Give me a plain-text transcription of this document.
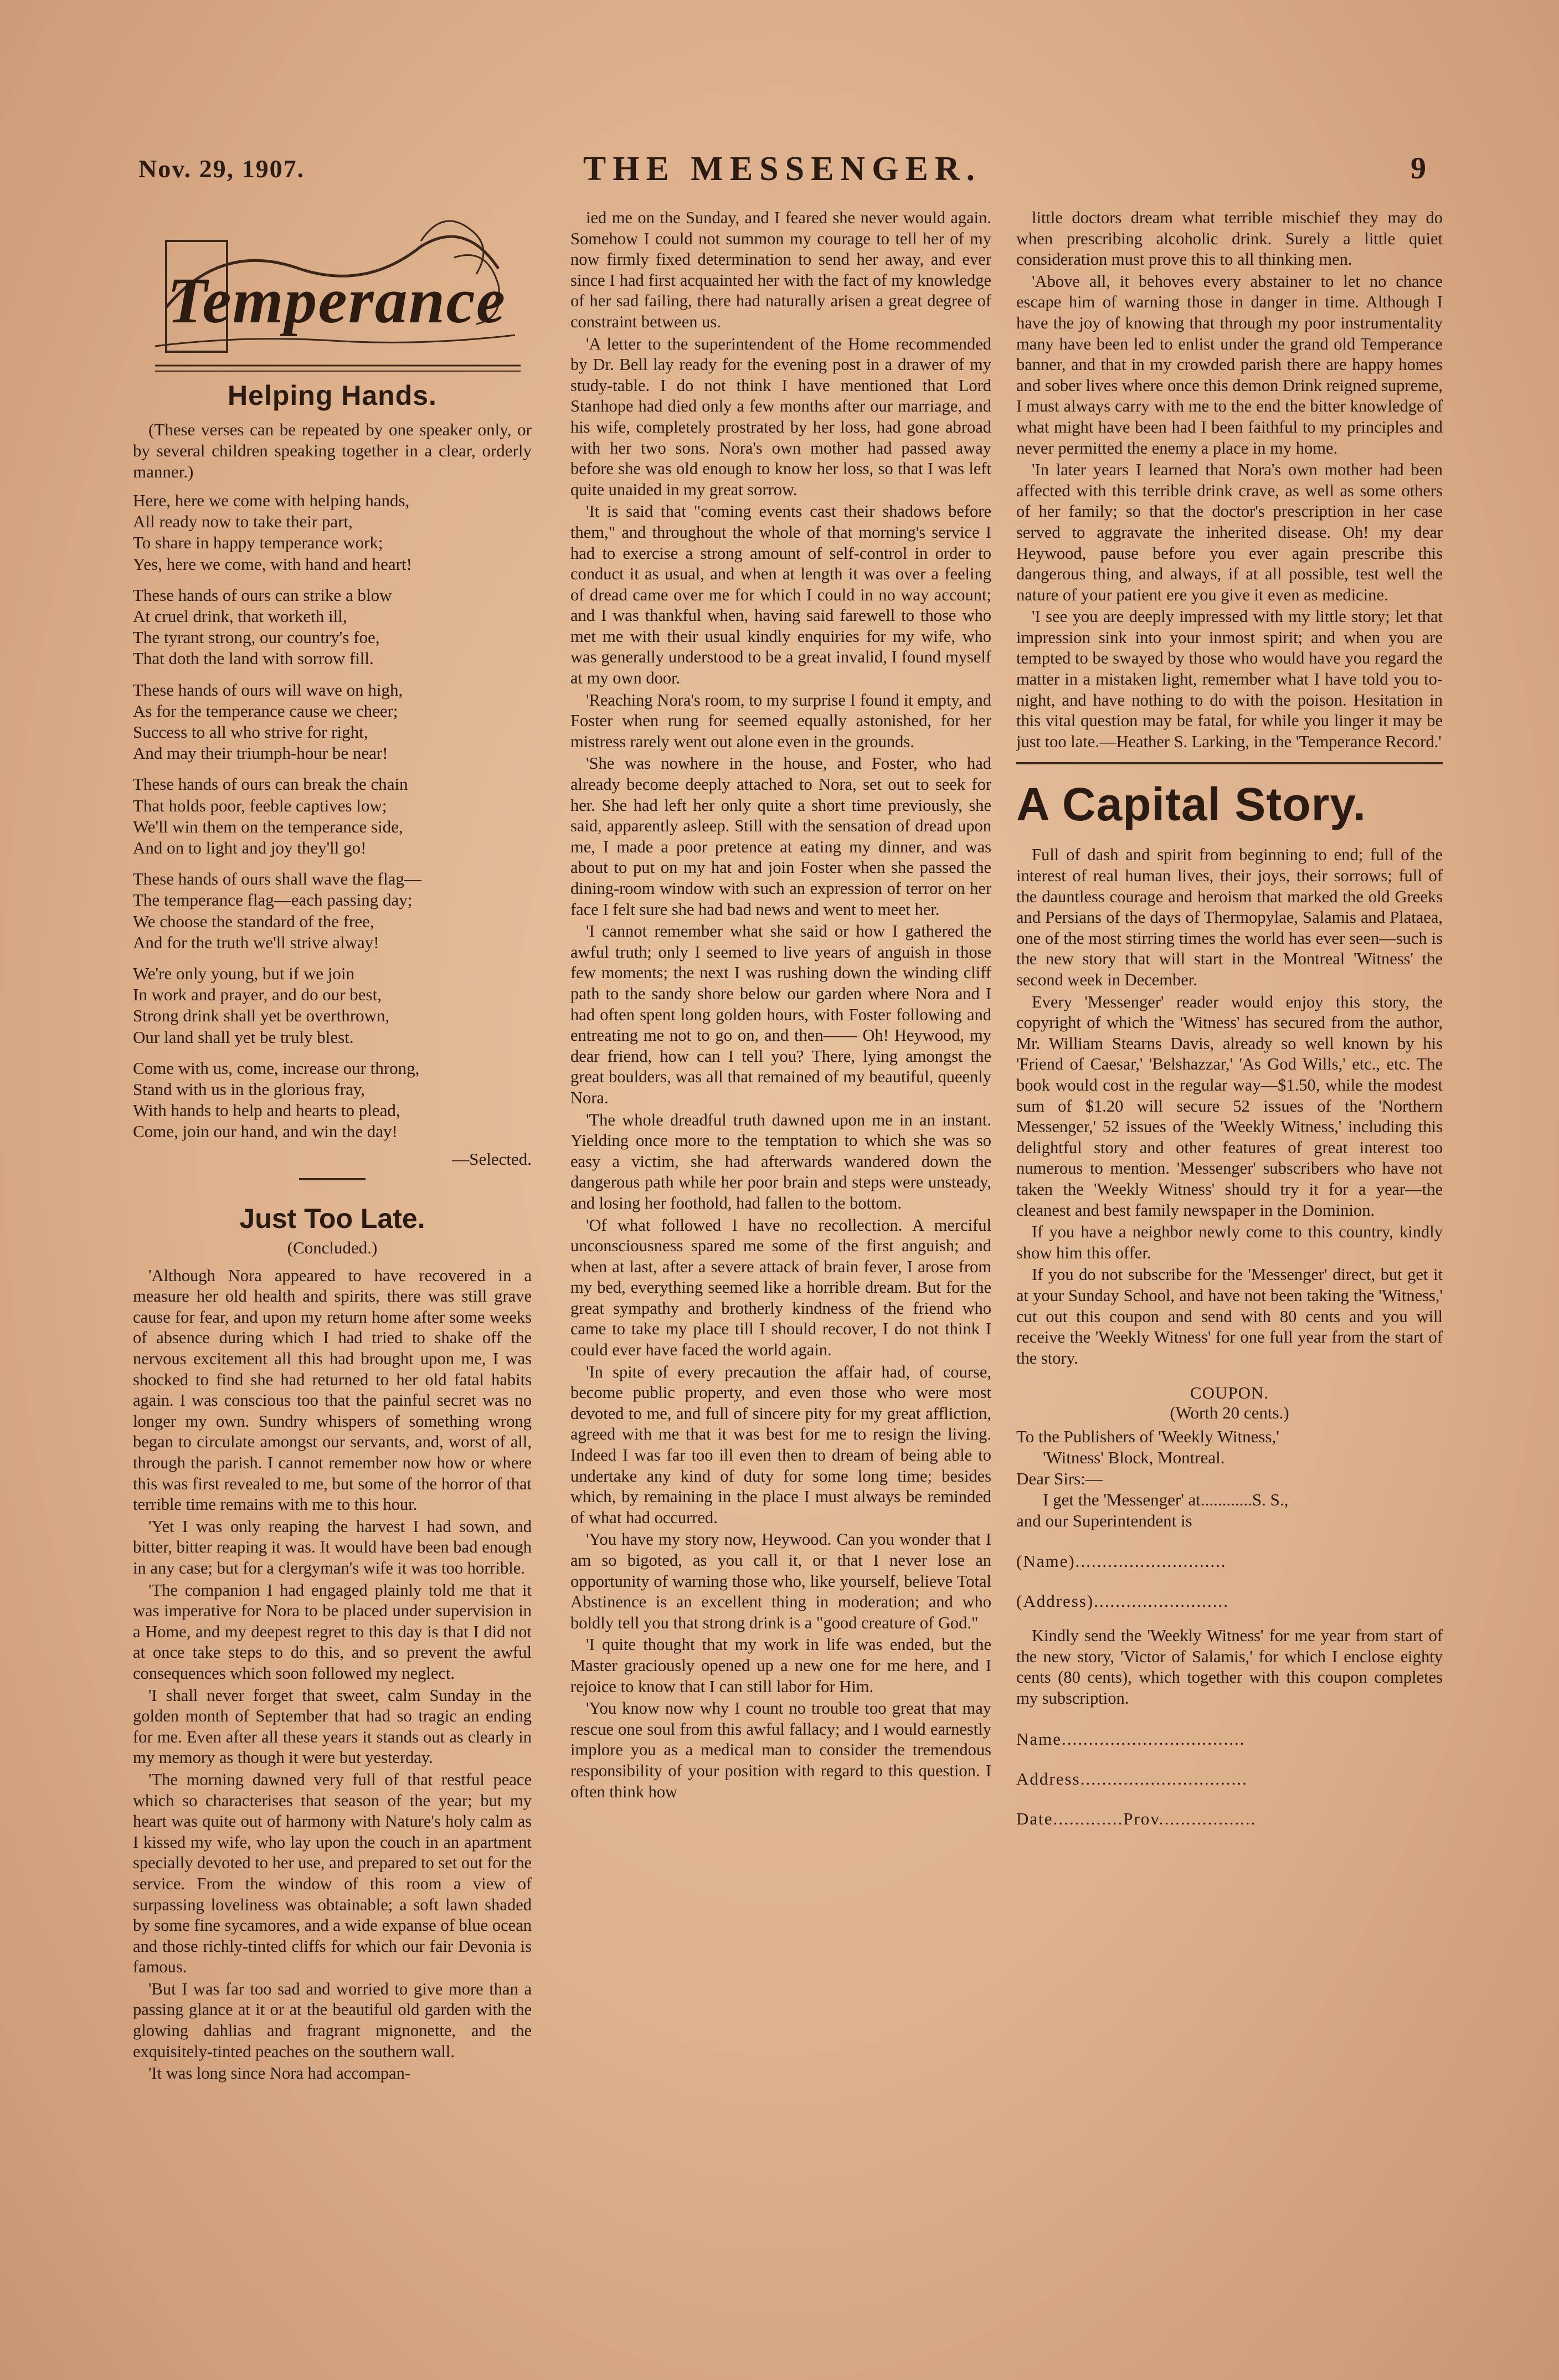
Nov. 29, 1907.	THE MESSENGER.	9
Temperance
Helping Hands.

(These verses can be repeated by one speaker only, or by several children speaking together in a clear, orderly manner.)

Here, here we come with helping hands,
All ready now to take their part,
To share in happy temperance work;
Yes, here we come, with hand and heart!
These hands of ours can strike a blow
At cruel drink, that worketh ill,
The tyrant strong, our country's foe,
That doth the land with sorrow fill.
These hands of ours will wave on high,
As for the temperance cause we cheer;
Success to all who strive for right,
And may their triumph-hour be near!
These hands of ours can break the chain
That holds poor, feeble captives low;
We'll win them on the temperance side,
And on to light and joy they'll go!
These hands of ours shall wave the flag—
The temperance flag—each passing day;
We choose the standard of the free,
And for the truth we'll strive alway!
We're only young, but if we join
In work and prayer, and do our best,
Strong drink shall yet be overthrown,
Our land shall yet be truly blest.
Come with us, come, increase our throng,
Stand with us in the glorious fray,
With hands to help and hearts to plead,
Come, join our hand, and win the day!
—Selected.
Just Too Late.
(Concluded.)

'Although Nora appeared to have recovered in a measure her old health and spirits, there was still grave cause for fear, and upon my return home after some weeks of absence during which I had tried to shake off the nervous excitement all this had brought upon me, I was shocked to find she had returned to her old fatal habits again. I was conscious too that the painful secret was no longer my own. Sundry whispers of something wrong began to circulate amongst our servants, and, worst of all, through the parish. I cannot remember now how or where this was first revealed to me, but some of the horror of that terrible time remains with me to this hour.

'Yet I was only reaping the harvest I had sown, and bitter, bitter reaping it was. It would have been bad enough in any case; but for a clergyman's wife it was too horrible.

'The companion I had engaged plainly told me that it was imperative for Nora to be placed under supervision in a Home, and my deepest regret to this day is that I did not at once take steps to do this, and so prevent the awful consequences which soon followed my neglect.

'I shall never forget that sweet, calm Sunday in the golden month of September that had so tragic an ending for me. Even after all these years it stands out as clearly in my memory as though it were but yesterday.

'The morning dawned very full of that restful peace which so characterises that season of the year; but my heart was quite out of harmony with Nature's holy calm as I kissed my wife, who lay upon the couch in an apartment specially devoted to her use, and prepared to set out for the service. From the window of this room a view of surpassing loveliness was obtainable; a soft lawn shaded by some fine sycamores, and a wide expanse of blue ocean and those richly-tinted cliffs for which our fair Devonia is famous.

'But I was far too sad and worried to give more than a passing glance at it or at the beautiful old garden with the glowing dahlias and fragrant mignonette, and the exquisitely-tinted peaches on the southern wall.

'It was long since Nora had accompan-

ied me on the Sunday, and I feared she never would again. Somehow I could not summon my courage to tell her of my now firmly fixed determination to send her away, and ever since I had first acquainted her with the fact of my knowledge of her sad failing, there had naturally arisen a great degree of constraint between us.

'A letter to the superintendent of the Home recommended by Dr. Bell lay ready for the evening post in a drawer of my study-table. I do not think I have mentioned that Lord Stanhope had died only a few months after our marriage, and his wife, completely prostrated by her loss, had gone abroad with her two sons. Nora's own mother had passed away before she was old enough to know her loss, so that I was left quite unaided in my great sorrow.

'It is said that "coming events cast their shadows before them," and throughout the whole of that morning's service I had to exercise a strong amount of self-control in order to conduct it as usual, and when at length it was over a feeling of dread came over me for which I could in no way account; and I was thankful when, having said farewell to those who met me with their usual kindly enquiries for my wife, who was generally understood to be a great invalid, I found myself at my own door.

'Reaching Nora's room, to my surprise I found it empty, and Foster when rung for seemed equally astonished, for her mistress rarely went out alone even in the grounds.

'She was nowhere in the house, and Foster, who had already become deeply attached to Nora, set out to seek for her. She had left her only quite a short time previously, she said, apparently asleep. Still with the sensation of dread upon me, I made a poor pretence at eating my dinner, and was about to put on my hat and join Foster when she passed the dining-room window with such an expression of terror on her face I felt sure she had bad news and went to meet her.

'I cannot remember what she said or how I gathered the awful truth; only I seemed to live years of anguish in those few moments; the next I was rushing down the winding cliff path to the sandy shore below our garden where Nora and I had often spent long golden hours, with Foster following and entreating me not to go on, and then—— Oh! Heywood, my dear friend, how can I tell you? There, lying amongst the great boulders, was all that remained of my beautiful, queenly Nora.

'The whole dreadful truth dawned upon me in an instant. Yielding once more to the temptation to which she was so easy a victim, she had afterwards wandered down the dangerous path while her poor brain and steps were unsteady, and losing her foothold, had fallen to the bottom.

'Of what followed I have no recollection. A merciful unconsciousness spared me some of the first anguish; and when at last, after a severe attack of brain fever, I arose from my bed, everything seemed like a horrible dream. But for the great sympathy and brotherly kindness of the friend who came to take my place till I should recover, I do not think I could ever have faced the world again.

'In spite of every precaution the affair had, of course, become public property, and even those who were most devoted to me, and full of sincere pity for my great affliction, agreed with me that it was best for me to resign the living. Indeed I was far too ill even then to dream of being able to undertake any kind of duty for some long time; besides which, by remaining in the place I must always be reminded of what had occurred.

'You have my story now, Heywood. Can you wonder that I am so bigoted, as you call it, or that I never lose an opportunity of warning those who, like yourself, believe Total Abstinence is an excellent thing in moderation; and who boldly tell you that strong drink is a "good creature of God."

'I quite thought that my work in life was ended, but the Master graciously opened up a new one for me here, and I rejoice to know that I can still labor for Him.

'You know now why I count no trouble too great that may rescue one soul from this awful fallacy; and I would earnestly implore you as a medical man to consider the tremendous responsibility of your position with regard to this question. I often think how

little doctors dream what terrible mischief they may do when prescribing alcoholic drink. Surely a little quiet consideration must prove this to all thinking men.

'Above all, it behoves every abstainer to let no chance escape him of warning those in danger in time. Although I have the joy of knowing that through my poor instrumentality many have been led to enlist under the grand old Temperance banner, and that in my crowded parish there are happy homes and sober lives where once this demon Drink reigned supreme, I must always carry with me to the end the bitter knowledge of what might have been had I been faithful to my principles and never permitted the enemy a place in my home.

'In later years I learned that Nora's own mother had been affected with this terrible drink crave, as well as some others of her family; so that the doctor's prescription in her case served to aggravate the inherited disease. Oh! my dear Heywood, pause before you ever again prescribe this dangerous thing, and always, if at all possible, test well the nature of your patient ere you give it even as medicine.

'I see you are deeply impressed with my little story; let that impression sink into your inmost spirit; and when you are tempted to be swayed by those who would have you regard the matter in a mistaken light, remember what I have told you to-night, and have nothing to do with the poison. Hesitation in this vital question may be fatal, for while you linger it may be just too late.—Heather S. Larking, in the 'Temperance Record.'

A Capital Story.

Full of dash and spirit from beginning to end; full of the interest of real human lives, their joys, their sorrows; full of the dauntless courage and heroism that marked the old Greeks and Persians of the days of Thermopylae, Salamis and Plataea, one of the most stirring times the world has ever seen—such is the new story that will start in the Montreal 'Witness' the second week in December.

Every 'Messenger' reader would enjoy this story, the copyright of which the 'Witness' has secured from the author, Mr. William Stearns Davis, already so well known by his 'Friend of Caesar,' 'Belshazzar,' 'As God Wills,' etc., etc. The book would cost in the regular way—$1.50, while the modest sum of $1.20 will secure 52 issues of the 'Northern Messenger,' 52 issues of the 'Weekly Witness,' including this delightful story and other features of great interest too numerous to mention. 'Messenger' subscribers who have not taken the 'Weekly Witness' should try it for a year—the cleanest and best family newspaper in the Dominion.

If you have a neighbor newly come to this country, kindly show him this offer.

If you do not subscribe for the 'Messenger' direct, but get it at your Sunday School, and have not been taking the 'Witness,' cut out this coupon and send with 80 cents and you will receive the 'Weekly Witness' for one full year from the start of the story.

COUPON.
(Worth 20 cents.)
To the Publishers of 'Weekly Witness,'
'Witness' Block, Montreal.
Dear Sirs:—
I get the 'Messenger' at............S. S.,
and our Superintendent is
(Name)............................
(Address).........................

Kindly send the 'Weekly Witness' for me year from start of the new story, 'Victor of Salamis,' for which I enclose eighty cents (80 cents), which together with this coupon completes my subscription.

Name..................................
Address...............................
Date.............Prov..................
